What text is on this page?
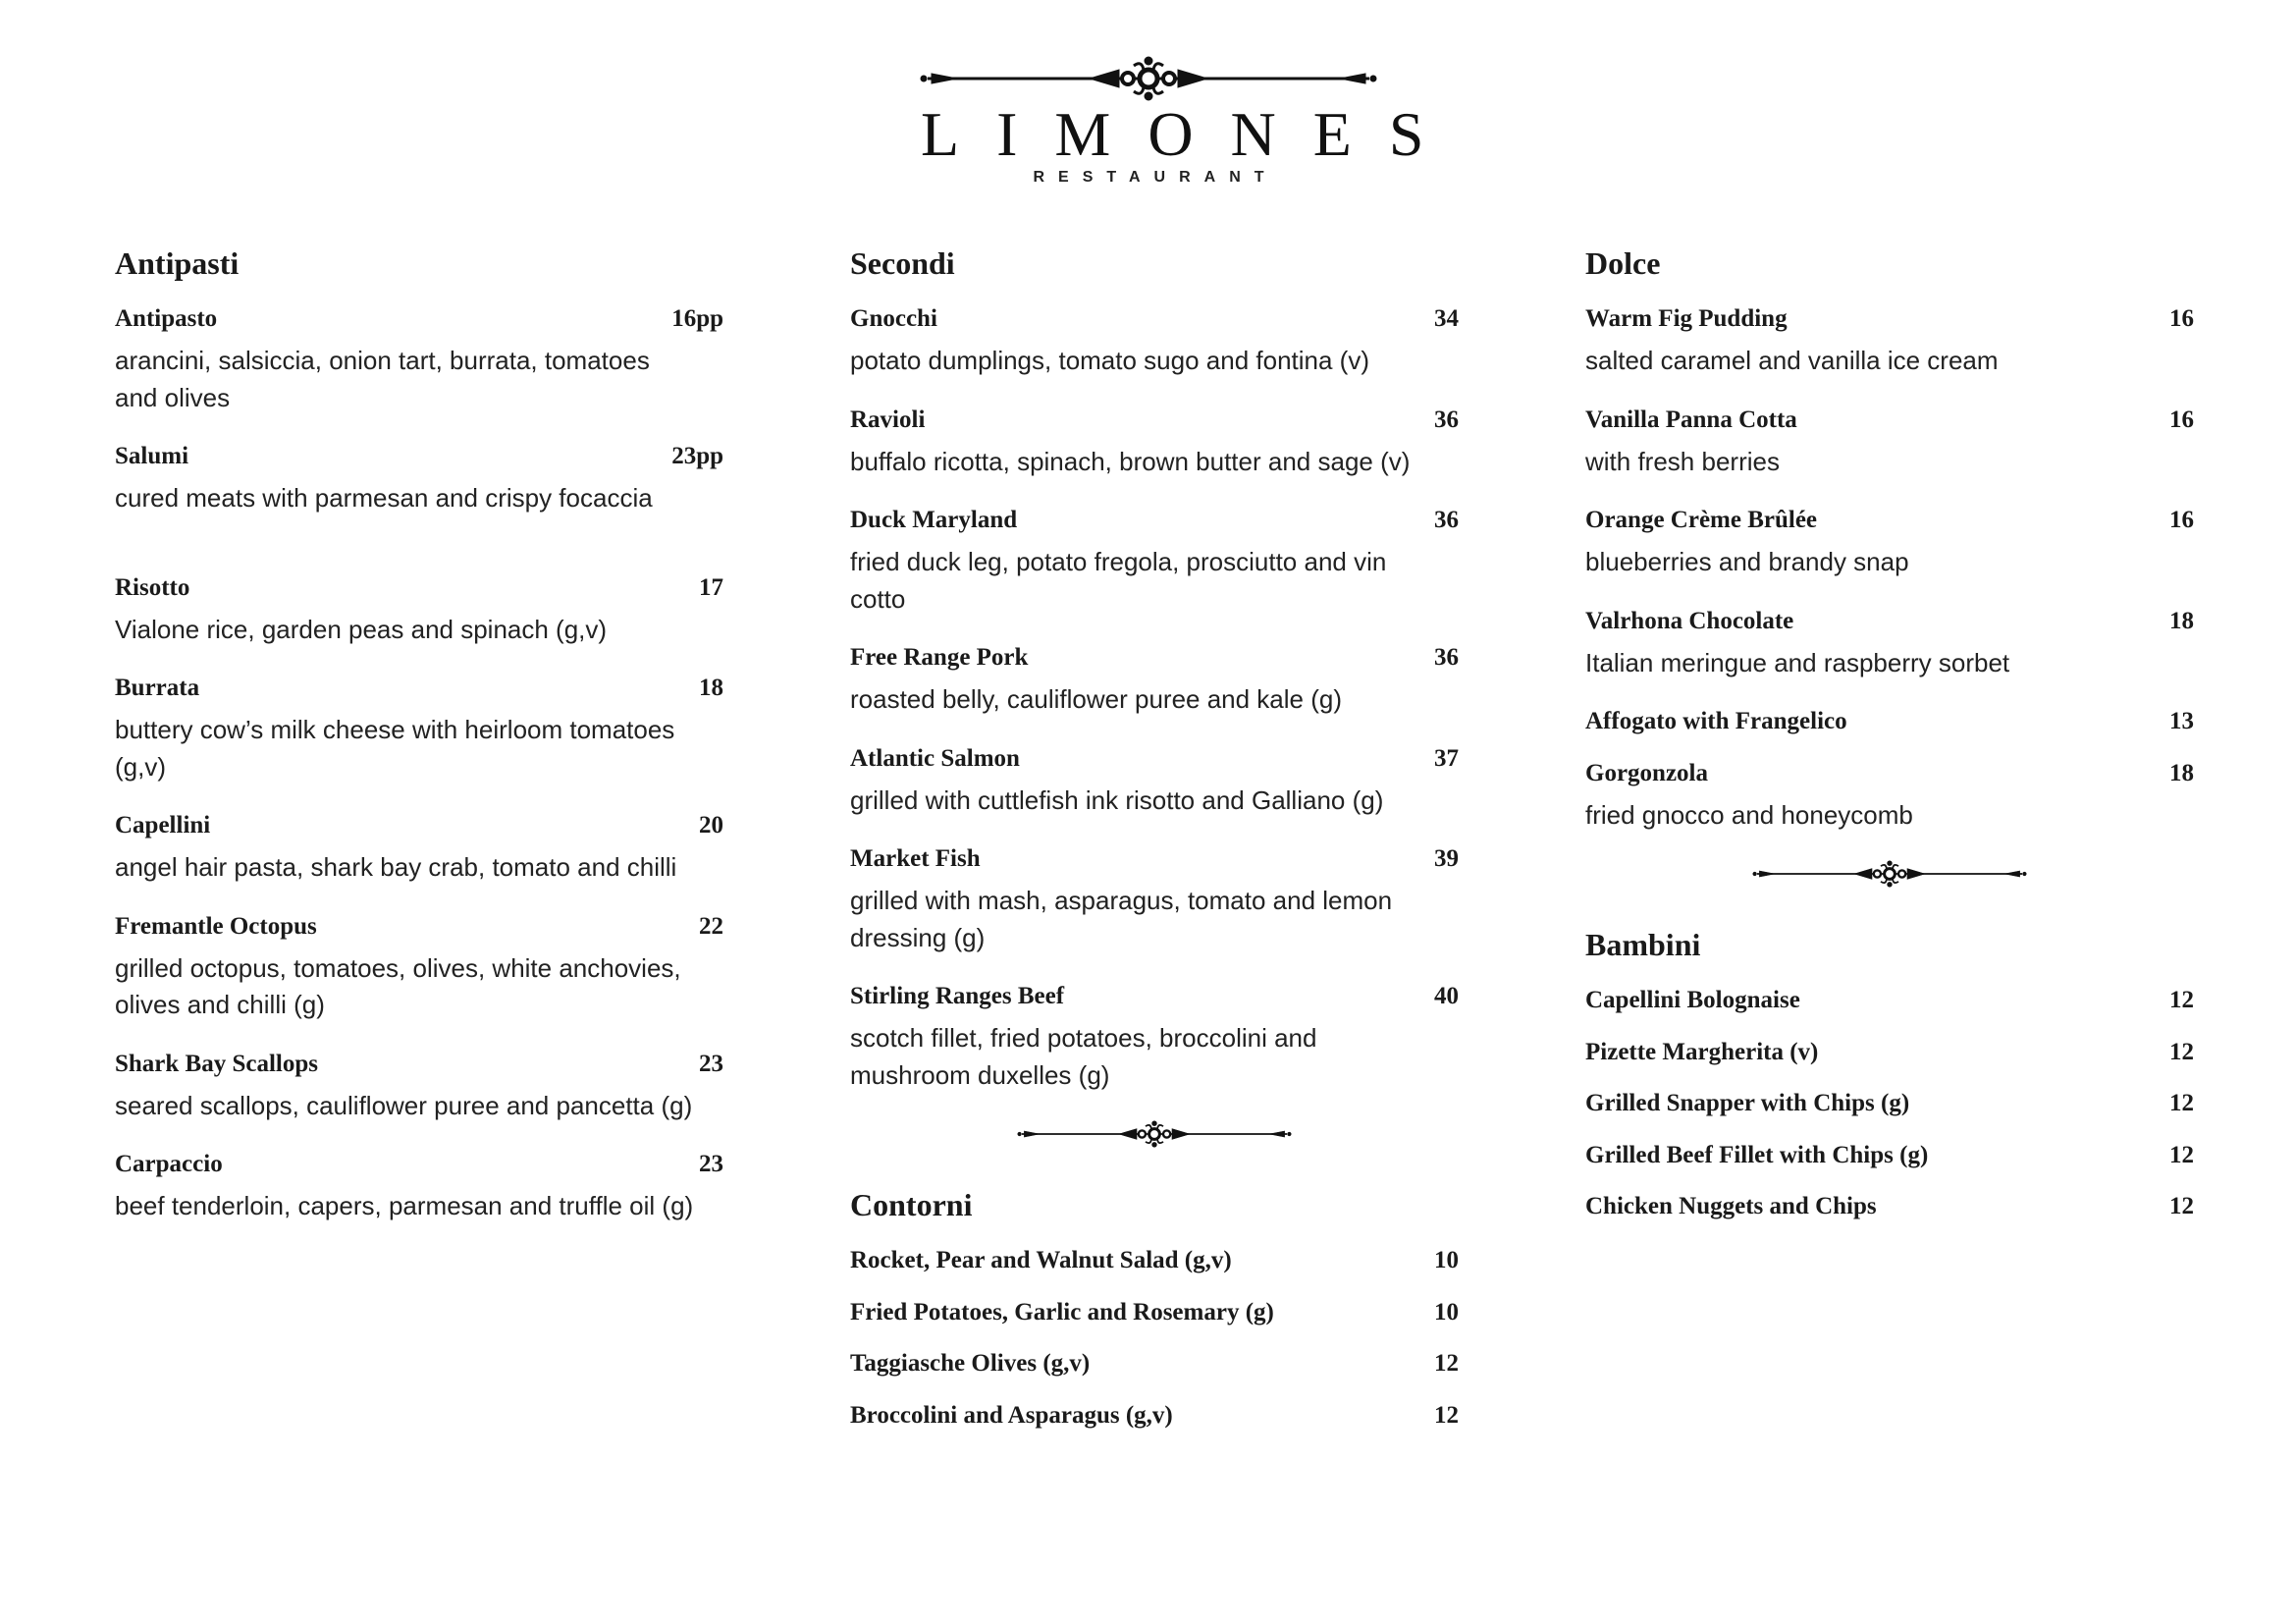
LIMONES
RESTAURANT
Antipasti
Antipasto	16pp
arancini, salsiccia, onion tart, burrata, tomatoes and olives
Salumi	23pp
cured meats with parmesan and crispy focaccia
Risotto	17
Vialone rice, garden peas and spinach (g,v)
Burrata	18
buttery cow’s milk cheese with heirloom tomatoes (g,v)
Capellini	20
angel hair pasta, shark bay crab, tomato and chilli
Fremantle Octopus	22
grilled octopus, tomatoes, olives, white anchovies, olives and chilli (g)
Shark Bay Scallops	23
seared scallops, cauliflower puree and pancetta (g)
Carpaccio	23
beef tenderloin, capers, parmesan and truffle oil (g)
Secondi
Gnocchi	34
potato dumplings, tomato sugo and fontina (v)
Ravioli	36
buffalo ricotta, spinach, brown butter and sage (v)
Duck Maryland	36
fried duck leg, potato fregola, prosciutto and vin cotto
Free Range Pork	36
roasted belly, cauliflower puree and kale (g)
Atlantic Salmon	37
grilled with cuttlefish ink risotto and Galliano (g)
Market Fish	39
grilled with mash, asparagus, tomato and lemon dressing (g)
Stirling Ranges Beef	40
scotch fillet, fried potatoes, broccolini and mushroom duxelles (g)
Contorni
Rocket, Pear and Walnut Salad (g,v)	10
Fried Potatoes, Garlic and Rosemary (g)	10
Taggiasche Olives (g,v)	12
Broccolini and Asparagus (g,v)	12
Dolce
Warm Fig Pudding	16
salted caramel and vanilla ice cream
Vanilla Panna Cotta	16
with fresh berries
Orange Crème Brûlée	16
blueberries and brandy snap
Valrhona Chocolate	18
Italian meringue and raspberry sorbet
Affogato with Frangelico	13
Gorgonzola	18
fried gnocco and honeycomb
Bambini
Capellini Bolognaise	12
Pizette Margherita (v)	12
Grilled Snapper with Chips (g)	12
Grilled Beef Fillet with Chips (g)	12
Chicken Nuggets and Chips	12
